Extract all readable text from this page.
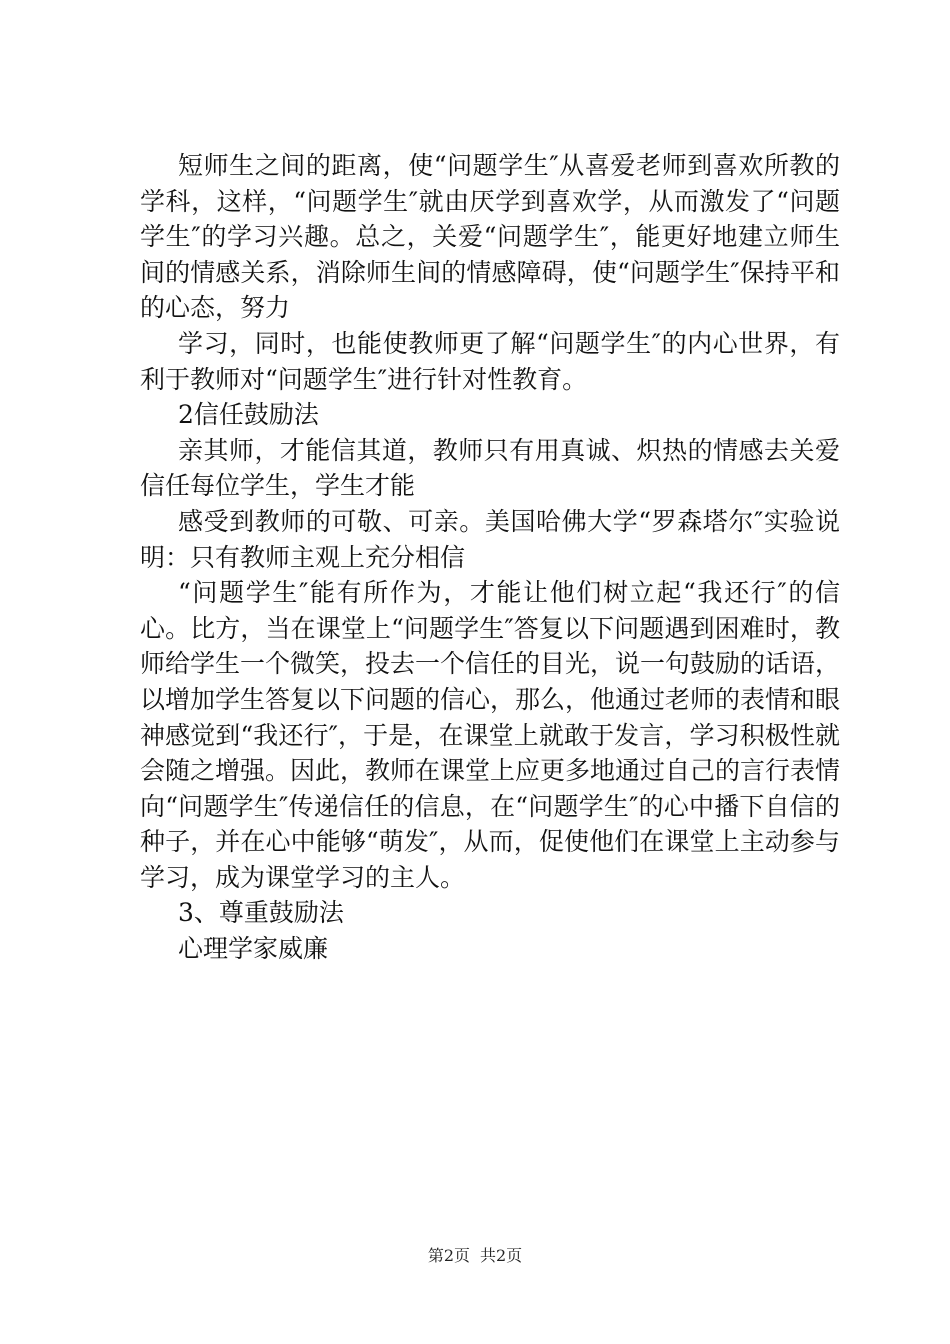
短师生之间的距离，使“问题学生″从喜爱老师到喜欢所教的学科，这样，“问题学生″就由厌学到喜欢学，从而激发了“问题学生″的学习兴趣。总之，关爱“问题学生″，能更好地建立师生间的情感关系，消除师生间的情感障碍，使“问题学生″保持平和的心态，努力

学习，同时，也能使教师更了解“问题学生″的内心世界，有利于教师对“问题学生″进行针对性教育。

2信任鼓励法

亲其师，才能信其道，教师只有用真诚、炽热的情感去关爱信任每位学生，学生才能

感受到教师的可敬、可亲。美国哈佛大学“罗森塔尔″实验说明：只有教师主观上充分相信

“问题学生″能有所作为，才能让他们树立起“我还行″的信心。比方，当在课堂上“问题学生″答复以下问题遇到困难时，教师给学生一个微笑，投去一个信任的目光，说一句鼓励的话语，以增加学生答复以下问题的信心，那么，他通过老师的表情和眼神感觉到“我还行″，于是，在课堂上就敢于发言，学习积极性就会随之增强。因此，教师在课堂上应更多地通过自己的言行表情向“问题学生″传递信任的信息，在“问题学生″的心中播下自信的种子，并在心中能够“萌发″，从而，促使他们在课堂上主动参与学习，成为课堂学习的主人。

3、尊重鼓励法

心理学家威廉

第2页 共2页
